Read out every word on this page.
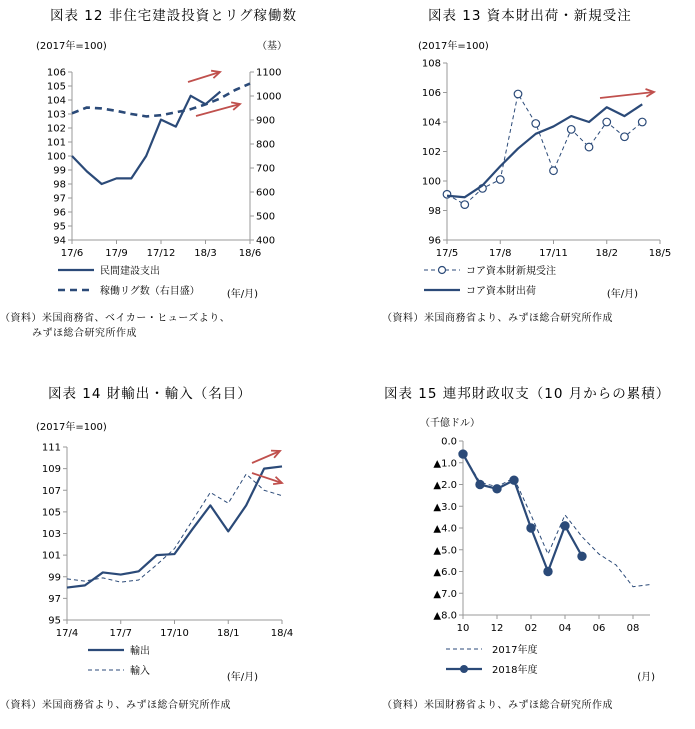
図表 12 非住宅建設投資とリグ稼働数
(2017年=100)	（基）
(年/月)
94
95
96
97
98
99
100
101
102
103
104
105
106
400
500
600
700
800
900
1000
1100
17/6 17/9 17/12 18/3 18/6
民間建設支出
稼働リグ数（右目盛）
（資料）米国商務省、ベイカー・ヒューズより、
みずほ総合研究所作成
図表 13 資本財出荷・新規受注
(2017年=100)
(年/月)
96
98
100
102
104
106
108
17/5	17/8	17/11	18/2	18/5
コア資本財新規受注
コア資本財出荷
（資料）米国商務省より、みずほ総合研究所作成
図表 14 財輸出・輸入（名目）
(2017年=100)
(年/月)
95
97
99
101
103
105
107
109
111
17/4	17/7	17/10	18/1	18/4
輸出
輸入
（資料）米国商務省より、みずほ総合研究所作成
図表 15 連邦財政収支（10 月からの累積）
（千億ドル）
(月)
0.0
▲1.0
▲2.0
▲3.0
▲4.0
▲5.0
▲6.0
▲7.0
▲8.0
10 12 02 04 06 08
2017年度
2018年度
（資料）米国財務省より、みずほ総合研究所作成
